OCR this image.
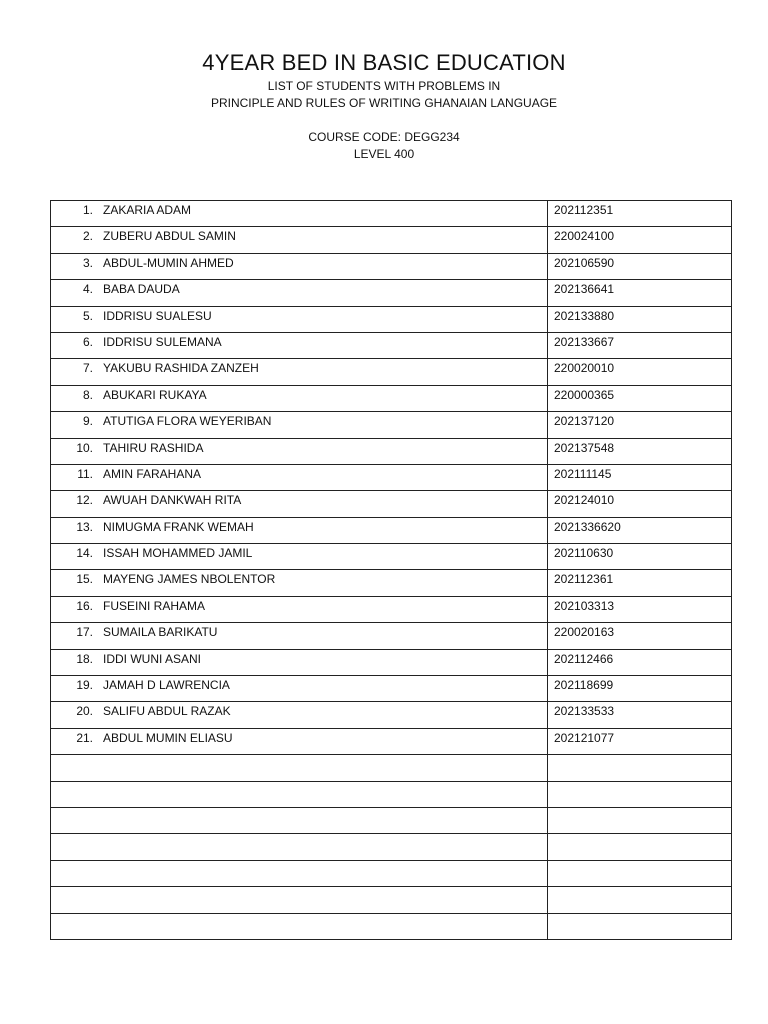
4YEAR BED IN BASIC EDUCATION

LIST OF STUDENTS WITH PROBLEMS IN

PRINCIPLE AND RULES OF WRITING GHANAIAN LANGUAGE

COURSE CODE: DEGG234

LEVEL 400

1. ZAKARIA ADAM	202112351
2. ZUBERU ABDUL SAMIN	220024100
3. ABDUL-MUMIN AHMED	202106590
4. BABA DAUDA	202136641
5. IDDRISU SUALESU	202133880
6. IDDRISU SULEMANA	202133667
7. YAKUBU RASHIDA ZANZEH	220020010
8. ABUKARI RUKAYA	220000365
9. ATUTIGA FLORA WEYERIBAN	202137120
10. TAHIRU RASHIDA	202137548
11. AMIN FARAHANA	202111145
12. AWUAH DANKWAH RITA	202124010
13. NIMUGMA FRANK WEMAH	2021336620
14. ISSAH MOHAMMED JAMIL	202110630
15. MAYENG JAMES NBOLENTOR	202112361
16. FUSEINI RAHAMA	202103313
17. SUMAILA BARIKATU	220020163
18. IDDI WUNI ASANI	202112466
19. JAMAH D LAWRENCIA	202118699
20. SALIFU ABDUL RAZAK	202133533
21. ABDUL MUMIN ELIASU	202121077
